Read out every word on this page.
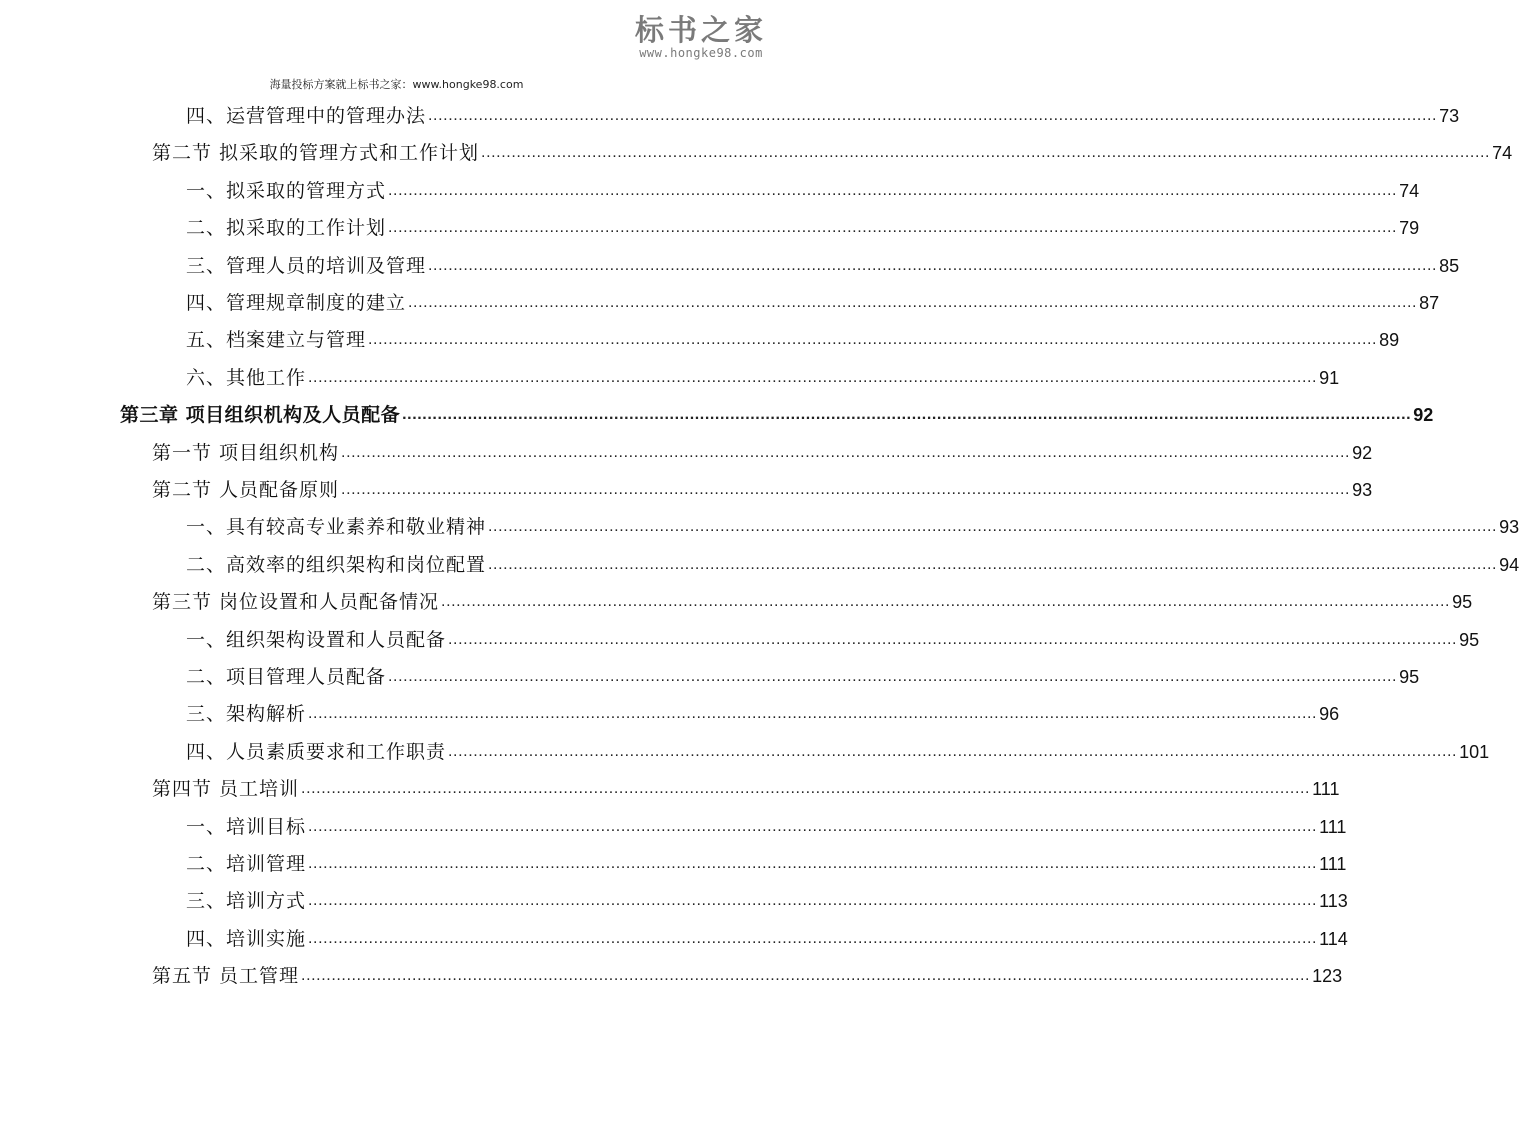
标书之家
www.hongke98.com
海量投标方案就上标书之家：www.hongke98.com
四、运营管理中的管理办法 ........................................................................................................................................................................................................ 73
第二节 拟采取的管理方式和工作计划 ........................................................................................................................................................................................................ 74
一、拟采取的管理方式 ........................................................................................................................................................................................................ 74
二、拟采取的工作计划 ........................................................................................................................................................................................................ 79
三、管理人员的培训及管理 ........................................................................................................................................................................................................ 85
四、管理规章制度的建立 ........................................................................................................................................................................................................ 87
五、档案建立与管理 ........................................................................................................................................................................................................ 89
六、其他工作 ........................................................................................................................................................................................................ 91
第三章 项目组织机构及人员配备 ........................................................................................................................................................................................................ 92
第一节 项目组织机构 ........................................................................................................................................................................................................ 92
第二节 人员配备原则 ........................................................................................................................................................................................................ 93
一、具有较高专业素养和敬业精神 ........................................................................................................................................................................................................ 93
二、高效率的组织架构和岗位配置 ........................................................................................................................................................................................................ 94
第三节 岗位设置和人员配备情况 ........................................................................................................................................................................................................ 95
一、组织架构设置和人员配备 ........................................................................................................................................................................................................ 95
二、项目管理人员配备 ........................................................................................................................................................................................................ 95
三、架构解析 ........................................................................................................................................................................................................ 96
四、人员素质要求和工作职责 ........................................................................................................................................................................................................ 101
第四节 员工培训 ........................................................................................................................................................................................................ 111
一、培训目标 ........................................................................................................................................................................................................ 111
二、培训管理 ........................................................................................................................................................................................................ 111
三、培训方式 ........................................................................................................................................................................................................ 113
四、培训实施 ........................................................................................................................................................................................................ 114
第五节 员工管理 ........................................................................................................................................................................................................ 123
